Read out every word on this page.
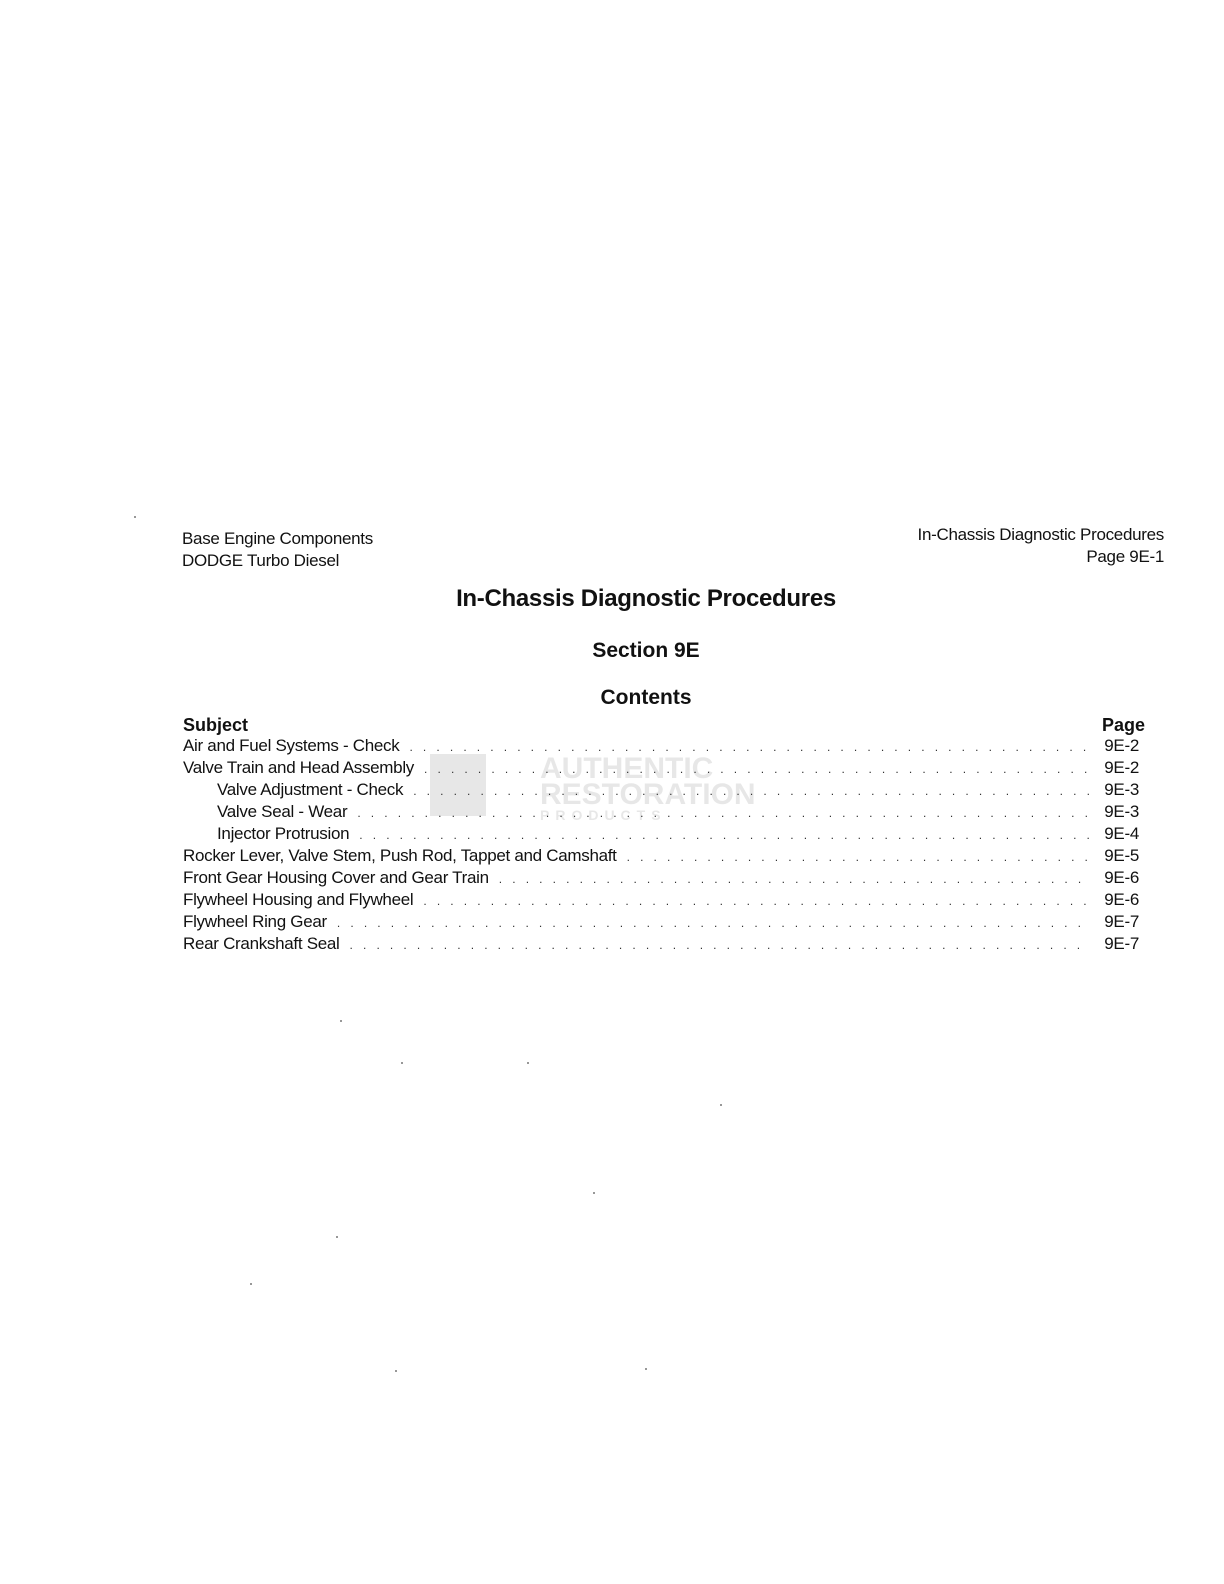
Base Engine Components
DODGE Turbo Diesel
In-Chassis Diagnostic Procedures
Page 9E-1
In-Chassis Diagnostic Procedures
Section 9E
Contents
AUTHENTIC
RESTORATION
PRODUCTS
Subject	Page
Air and Fuel Systems - Check . . .	9E-2
Valve Train and Head Assembly . . .	9E-2
Valve Adjustment - Check . . .	9E-3
Valve Seal - Wear . . .	9E-3
Injector Protrusion . . .	9E-4
Rocker Lever, Valve Stem, Push Rod, Tappet and Camshaft . . .	9E-5
Front Gear Housing Cover and Gear Train . . .	9E-6
Flywheel Housing and Flywheel . . .	9E-6
Flywheel Ring Gear . . .	9E-7
Rear Crankshaft Seal . . .	9E-7
